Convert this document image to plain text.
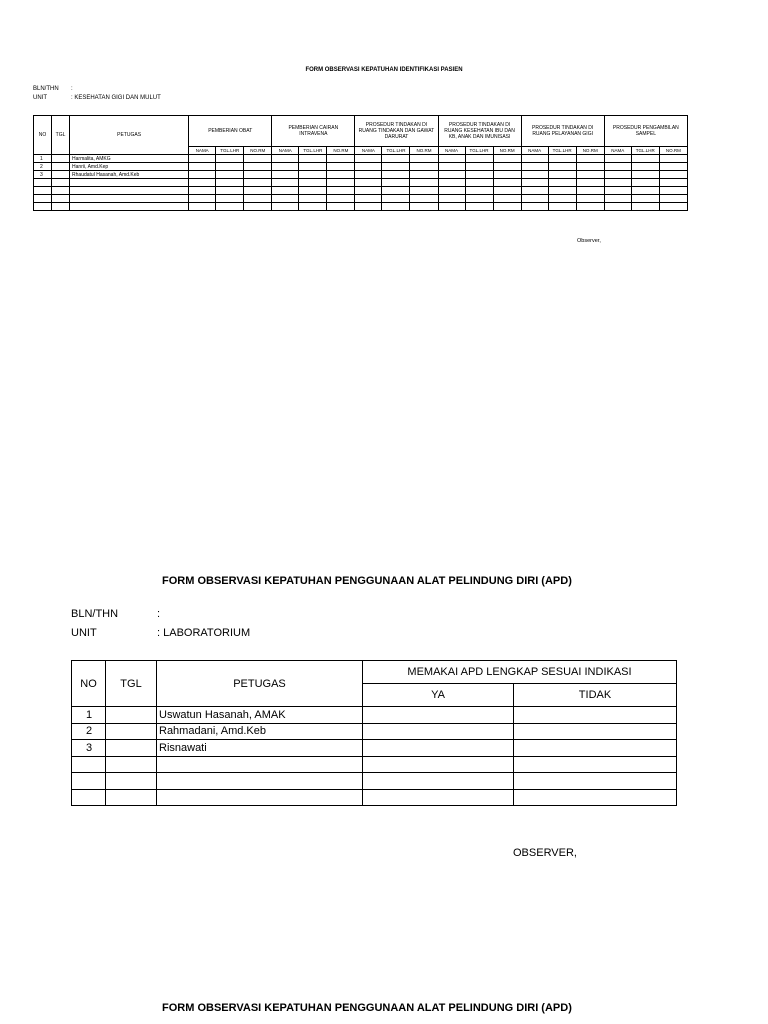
FORM OBSERVASI KEPATUHAN IDENTIFIKASI PASIEN
BLN/THN :
UNIT	: KESEHATAN GIGI DAN MULUT
NO	TGL	PETUGAS	PEMBERIAN OBAT			PEMBERIAN CAIRAN INTRAVENA			PROSEDUR TINDAKAN DI RUANG TINDAKAN DAN GAWAT DARURAT			PROSEDUR TINDAKAN DI RUANG KESEHATAN IBU DAN KB, ANAK DAN IMUNISASI			PROSEDUR TINDAKAN DI RUANG PELAYANAN GIGI			PROSEDUR PENGAMBILAN SAMPEL		
			NAMA	TGL.LHR	NO.RM	NAMA	TGL.LHR	NO.RM	NAMA	TGL.LHR	NO.RM	NAMA	TGL.LHR	NO.RM	NAMA	TGL.LHR	NO.RM	NAMA	TGL.LHR	NO.RM
1		Harmalita, AMKG																		
2		Hanrii, Amd.Kep																		
3		Rhaudatul Hasanah, Amd.Keb																		

Observer,
FORM OBSERVASI KEPATUHAN PENGGUNAAN ALAT PELINDUNG DIRI (APD)
BLN/THN	:
UNIT	: LABORATORIUM
NO	TGL	PETUGAS	MEMAKAI APD LENGKAP SESUAI INDIKASI	
			YA	TIDAK
1		Uswatun Hasanah, AMAK		
2		Rahmadani, Amd.Keb		
3		Risnawati		

OBSERVER,
FORM OBSERVASI KEPATUHAN PENGGUNAAN ALAT PELINDUNG DIRI (APD)
